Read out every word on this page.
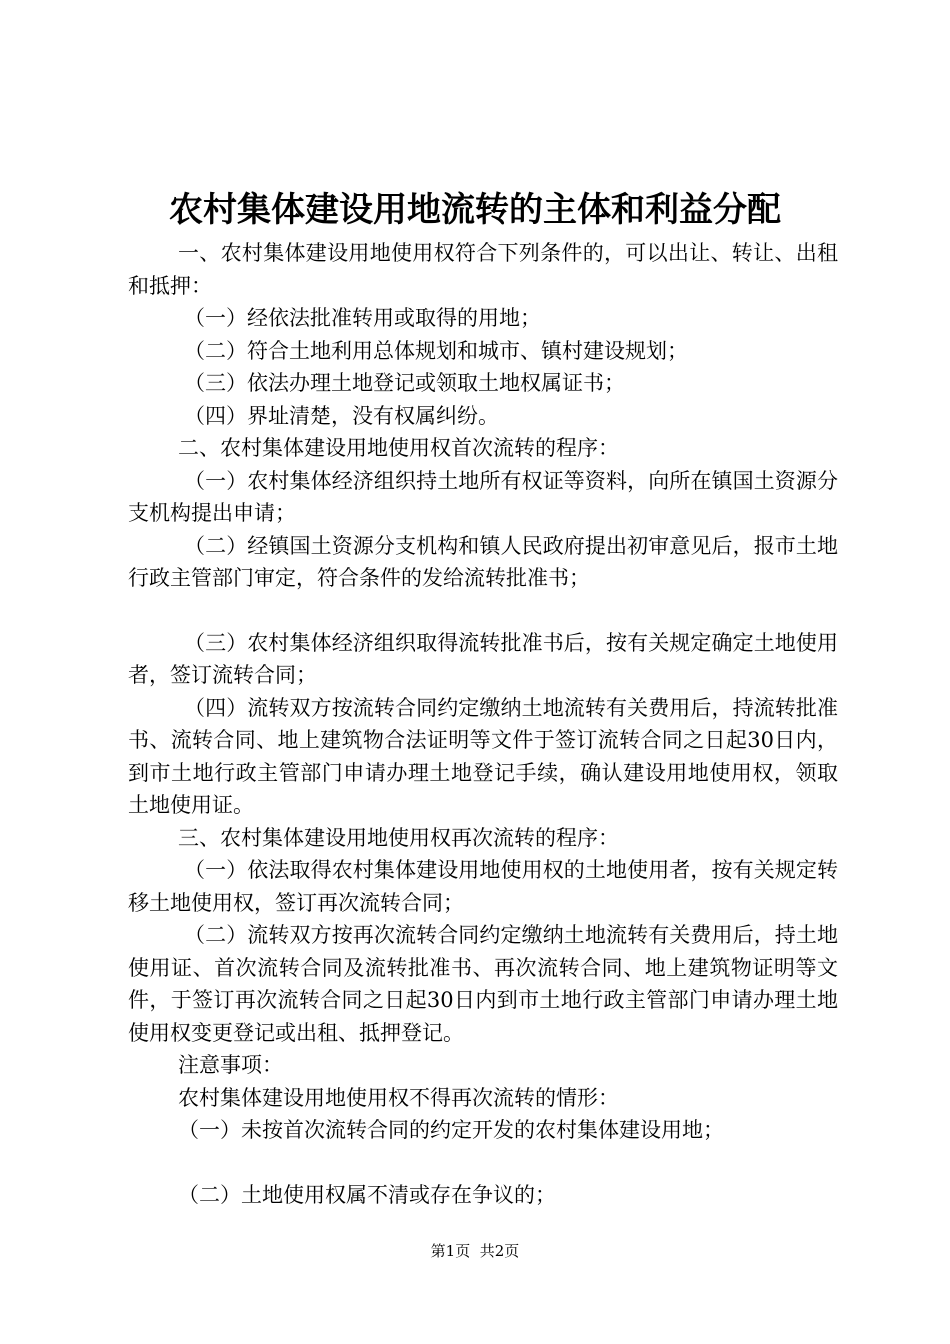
农村集体建设用地流转的主体和利益分配

一、农村集体建设用地使用权符合下列条件的，可以出让、转让、出租和抵押：

（一）经依法批准转用或取得的用地；

（二）符合土地利用总体规划和城市、镇村建设规划；

（三）依法办理土地登记或领取土地权属证书；

（四）界址清楚，没有权属纠纷。

二、农村集体建设用地使用权首次流转的程序：

（一）农村集体经济组织持土地所有权证等资料，向所在镇国土资源分支机构提出申请；

（二）经镇国土资源分支机构和镇人民政府提出初审意见后，报市土地行政主管部门审定，符合条件的发给流转批准书；

（三）农村集体经济组织取得流转批准书后，按有关规定确定土地使用者，签订流转合同；

（四）流转双方按流转合同约定缴纳土地流转有关费用后，持流转批准书、流转合同、地上建筑物合法证明等文件于签订流转合同之日起30日内，到市土地行政主管部门申请办理土地登记手续，确认建设用地使用权，领取土地使用证。

三、农村集体建设用地使用权再次流转的程序：

（一）依法取得农村集体建设用地使用权的土地使用者，按有关规定转移土地使用权，签订再次流转合同；

（二）流转双方按再次流转合同约定缴纳土地流转有关费用后，持土地使用证、首次流转合同及流转批准书、再次流转合同、地上建筑物证明等文件，于签订再次流转合同之日起30日内到市土地行政主管部门申请办理土地使用权变更登记或出租、抵押登记。

注意事项：

农村集体建设用地使用权不得再次流转的情形：

（一）未按首次流转合同的约定开发的农村集体建设用地；

（二）土地使用权属不清或存在争议的；

第1页 共2页
